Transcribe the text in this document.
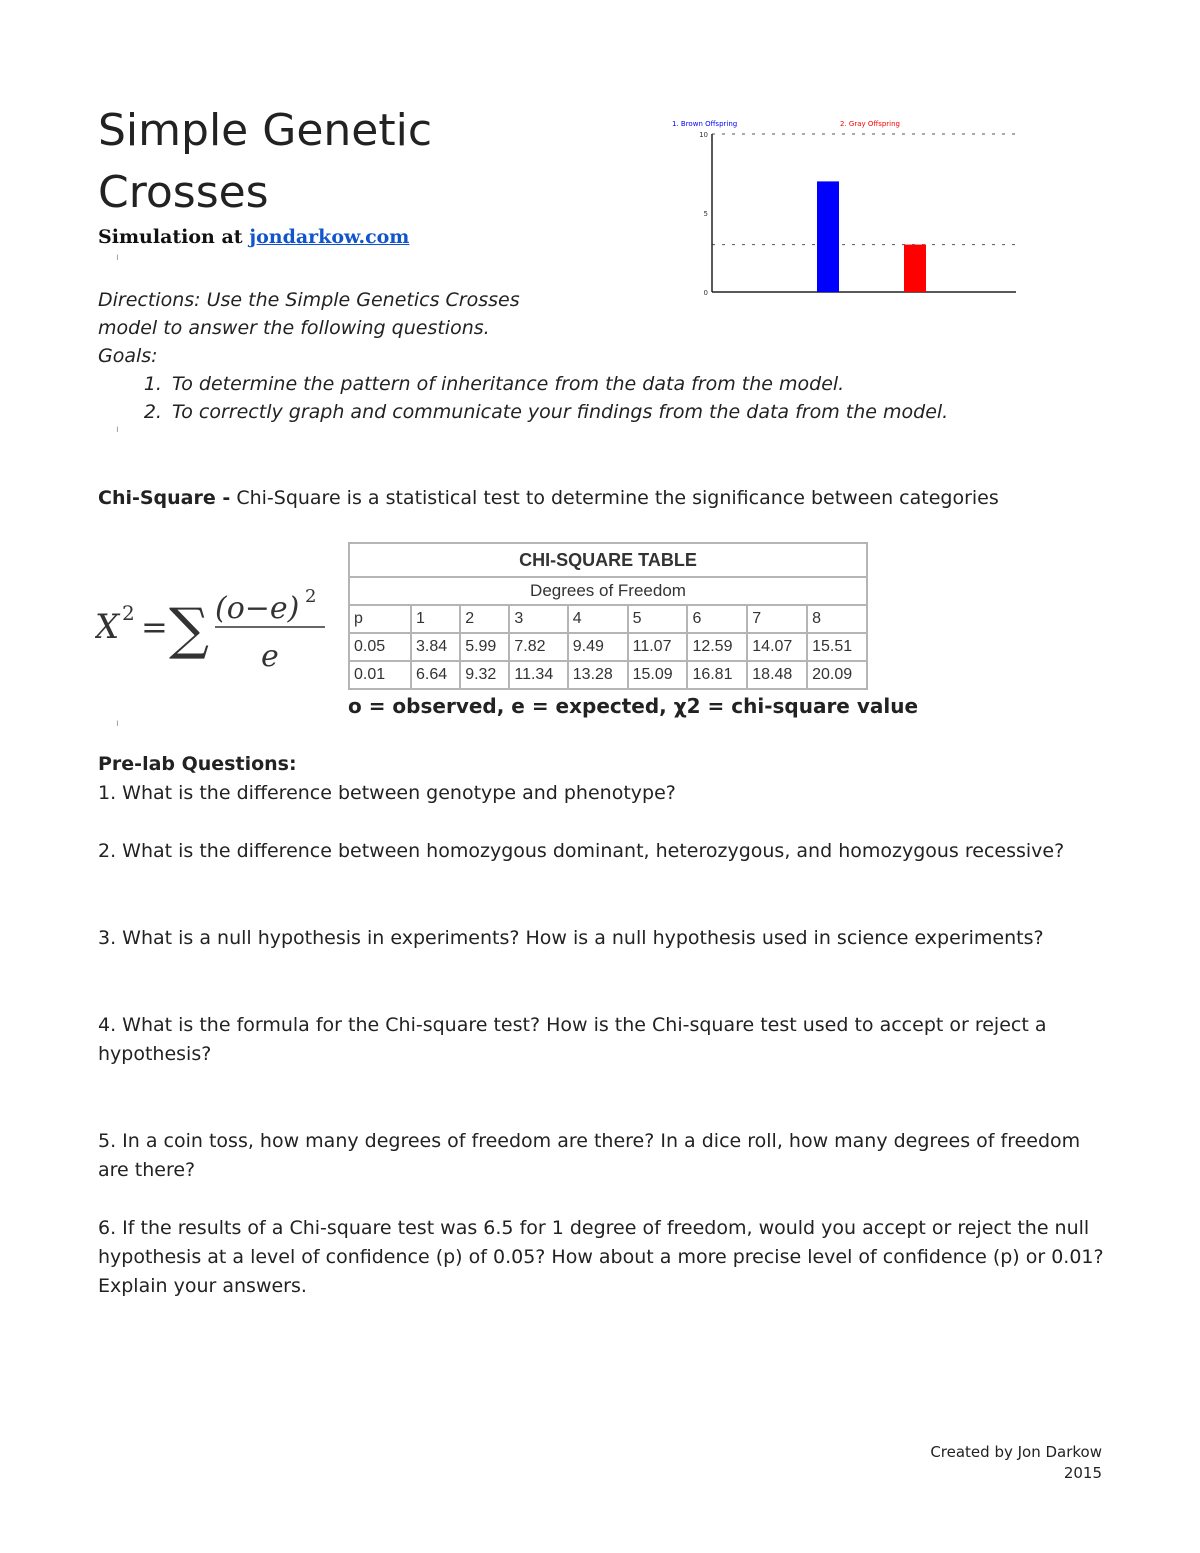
Simple Genetic
Crosses
Simulation at jondarkow.com
ı
0
5
10
1. Brown Offspring	2. Gray Offspring
Directions: Use the Simple Genetics Crosses
model to answer the following questions.
Goals:
1. To determine the pattern of inheritance from the data from the model.
2. To correctly graph and communicate your findings from the data from the model.
ı
Chi-Square - Chi-Square is a statistical test to determine the significance between categories
X 2 = ∑ (o−e) 2
e
CHI-SQUARE TABLE								
Degrees of Freedom								
p	1	2	3	4	5	6	7	8
0.05	3.84	5.99	7.82	9.49	11.07	12.59	14.07	15.51
0.01	6.64	9.32	11.34	13.28	15.09	16.81	18.48	20.09
o = observed, e = expected, χ2 = chi-square value
ı
Pre-lab Questions:

1. What is the difference between genotype and phenotype?

2. What is the difference between homozygous dominant, heterozygous, and homozygous recessive?

3. What is a null hypothesis in experiments? How is a null hypothesis used in science experiments?

4. What is the formula for the Chi-square test? How is the Chi-square test used to accept or reject a hypothesis?

5. In a coin toss, how many degrees of freedom are there? In a dice roll, how many degrees of freedom are there?

6. If the results of a Chi-square test was 6.5 for 1 degree of freedom, would you accept or reject the null hypothesis at a level of confidence (p) of 0.05? How about a more precise level of confidence (p) or 0.01? Explain your answers.

Created by Jon Darkow
2015
